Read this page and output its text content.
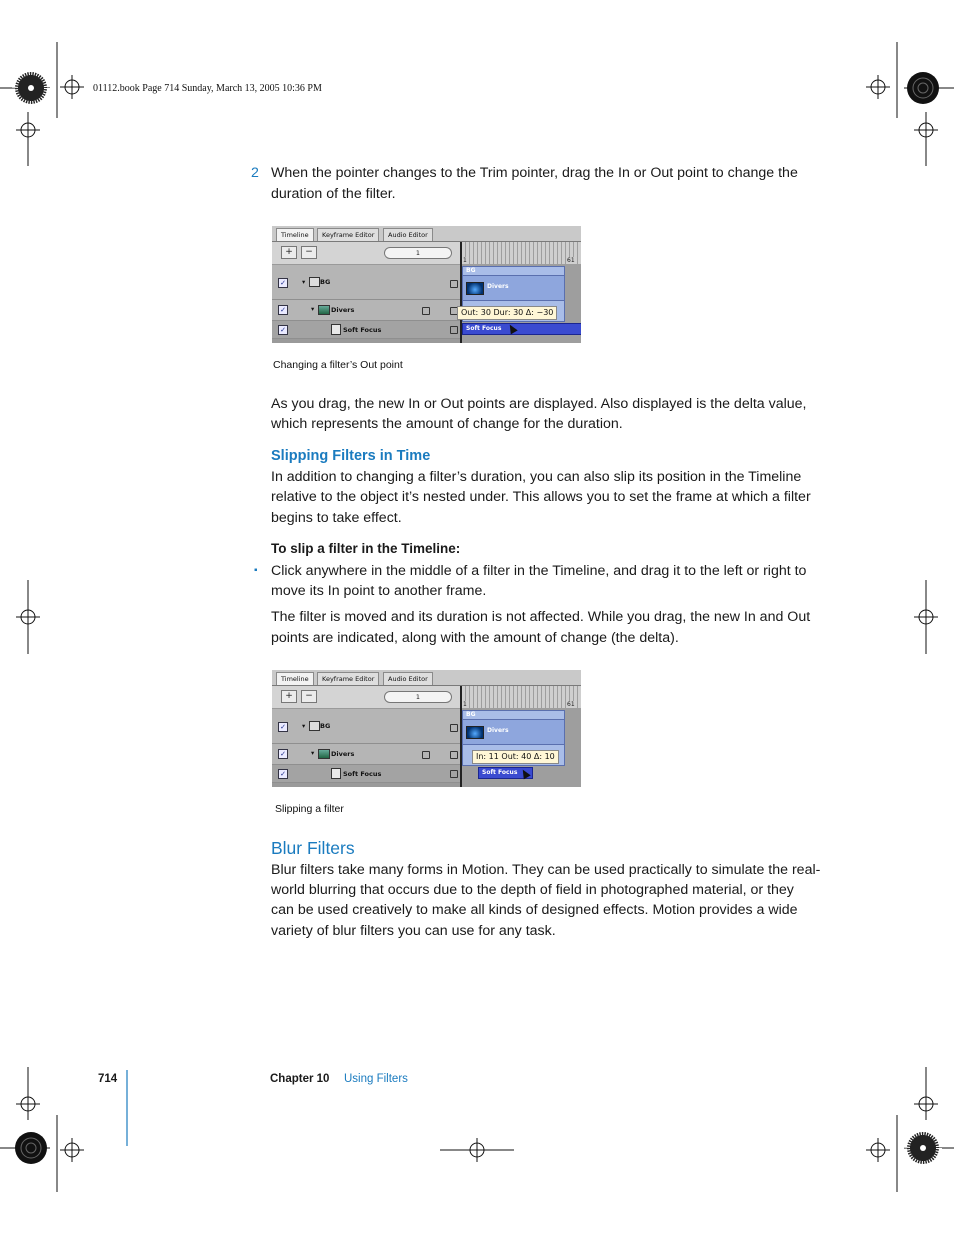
01112.book Page 714 Sunday, March 13, 2005 10:36 PM
2 When the pointer changes to the Trim pointer, drag the In or Out point to change the
duration of the filter.
Timeline	Keyframe Editor	Audio Editor
+	−	1
✓	▾ BG
✓	▾	Divers
✓	Soft Focus
1	61
BG
Divers
Soft Focus
Out: 30 Dur: 30 Δ: −30
Changing a filter’s Out point
As you drag, the new In or Out points are displayed. Also displayed is the delta value,
which represents the amount of change for the duration.
Slipping Filters in Time
In addition to changing a filter’s duration, you can also slip its position in the Timeline
relative to the object it’s nested under. This allows you to set the frame at which a filter
begins to take effect.
To slip a filter in the Timeline:
▪ Click anywhere in the middle of a filter in the Timeline, and drag it to the left or right to
move its In point to another frame.
The filter is moved and its duration is not affected. While you drag, the new In and Out
points are indicated, along with the amount of change (the delta).
Timeline	Keyframe Editor	Audio Editor
+	−	1
✓	▾ BG
✓	▾	Divers
✓	Soft Focus
1	61
BG
Divers
Soft Focus
In: 11 Out: 40 Δ: 10
Slipping a filter
Blur Filters
Blur filters take many forms in Motion. They can be used practically to simulate the real-
world blurring that occurs due to the depth of field in photographed material, or they
can be used creatively to make all kinds of designed effects. Motion provides a wide
variety of blur filters you can use for any task.
714	Chapter 10 Using Filters
